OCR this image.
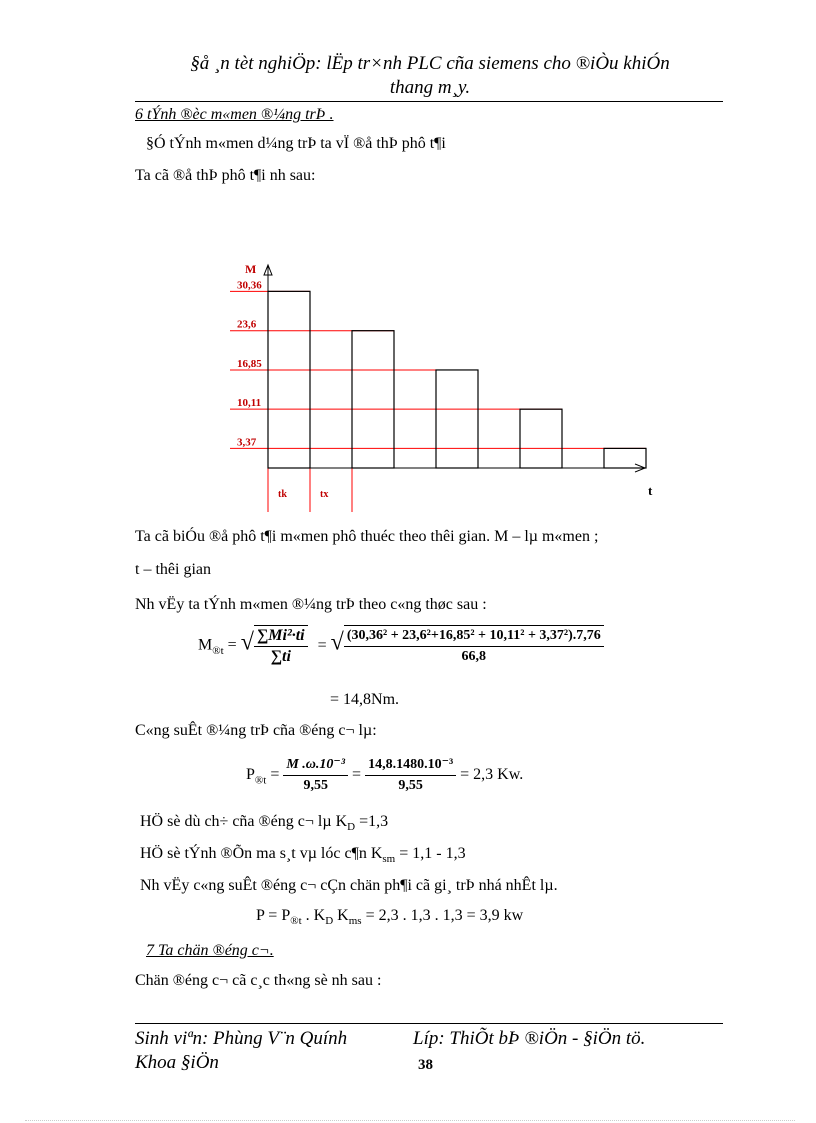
§å ¸n tèt nghiÖp: lËp tr×nh PLC cña siemens cho ®iÒu khiÓn
thang m¸y.
6 tÝnh ®èc m«men ®¼ng trÞ .
§Ó tÝnh m«men d¼ng trÞ ta vÏ ®å thÞ phô t¶i
Ta cã ®å thÞ phô t¶i nh sau:
30,36
23,6
16,85
10,11
3,37
M
t
tk	tx
Ta cã biÓu ®å phô t¶i m«men phô thuéc theo thêi gian. M – lµ m«men ;
t – thêi gian
Nh vËy ta tÝnh m«men ®¼ng trÞ theo c«ng thøc sau :
$M_{®t}$ = √ $\frac{\text{∑Mi²·ti}}{\sum ti}$ = √ $\frac{\text{(30,36² + 23,6²+16,85² + 10,11² + 3,37²).7,76}}{66,8}$
= 14,8Nm.
C«ng suÊt ®¼ng trÞ cña ®éng c¬ lµ:
$P_{®t} = \frac{\text{M .ω.10⁻³}}{9,55} = \frac{\text{14,8.1480.10⁻³}}{9,55} = 2,3$ Kw.
HÖ sè dù ch÷ cña ®éng c¬ lµ $K_D =1,3$
HÖ sè tÝnh ®Õn ma s¸t vµ lóc c¶n $K_{sm} = 1,1 - 1,3$
Nh vËy c«ng suÊt ®éng c¬ cÇn chän ph¶i cã gi¸ trÞ nhá nhÊt lµ.
$P = P_{®t}$ . $K_D$ $K_{ms} = 2,3$ . 1,3 . 1,3 = 3,9 kw
7 Ta chän ®éng c¬.
Chän ®éng c¬ cã c¸c th«ng sè nh sau :
Sinh viªn: Phùng V¨n Quính	Líp: ThiÕt bÞ ®iÖn - §iÖn tö.
Khoa §iÖn	38
